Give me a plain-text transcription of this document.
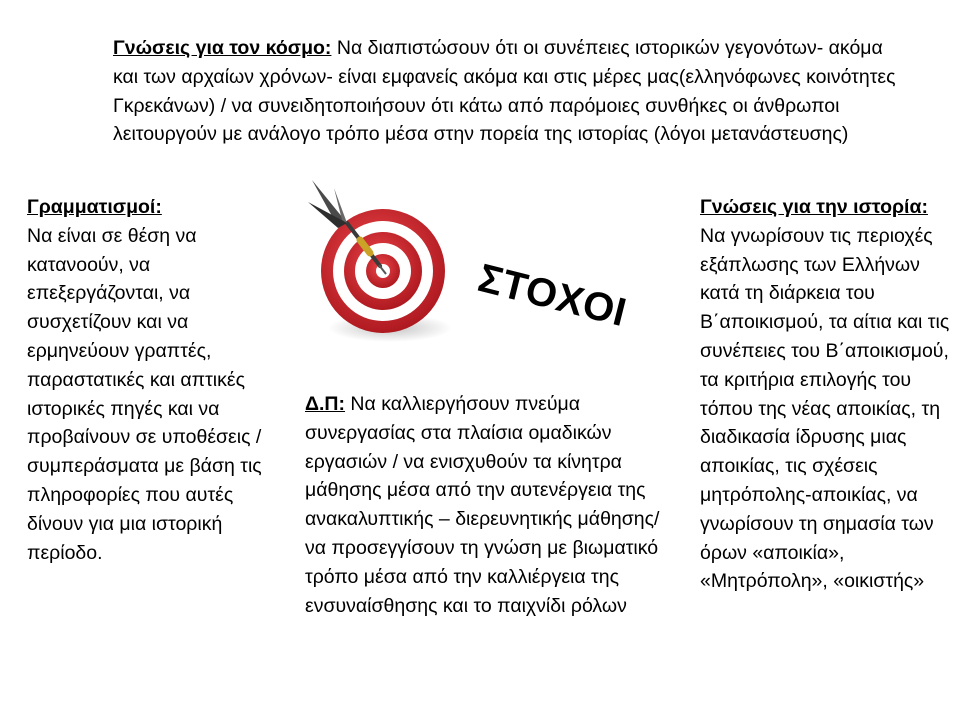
Γνώσεις για τον κόσμο: Να διαπιστώσουν ότι οι συνέπειες ιστορικών γεγονότων- ακόμα και των αρχαίων χρόνων- είναι εμφανείς ακόμα και στις μέρες μας(ελληνόφωνες κοινότητες Γκρεκάνων) / να συνειδητοποιήσουν ότι κάτω από παρόμοιες συνθήκες οι άνθρωποι λειτουργούν με ανάλογο τρόπο μέσα στην πορεία της ιστορίας (λόγοι μετανάστευσης)

Γραμματισμοί:
Να είναι σε θέση να κατανοούν, να επεξεργάζονται, να συσχετίζουν και να ερμηνεύουν γραπτές, παραστατικές και απτικές ιστορικές πηγές και να προβαίνουν σε υποθέσεις /συμπεράσματα με βάση τις πληροφορίες που αυτές δίνουν για μια ιστορική περίοδο.
ΣΤΟΧΟΙ

Δ.Π: Να καλλιεργήσουν πνεύμα συνεργασίας στα πλαίσια ομαδικών εργασιών / να ενισχυθούν τα κίνητρα μάθησης μέσα από την αυτενέργεια της ανακαλυπτικής – διερευνητικής μάθησης/ να προσεγγίσουν τη γνώση με βιωματικό τρόπο μέσα από την καλλιέργεια της ενσυναίσθησης και το παιχνίδι ρόλων

Γνώσεις για την ιστορία:
Να γνωρίσουν τις περιοχές εξάπλωσης των Ελλήνων κατά τη διάρκεια του Β΄αποικισμού, τα αίτια και τις συνέπειες του Β΄αποικισμού, τα κριτήρια επιλογής του τόπου της νέας αποικίας, τη διαδικασία ίδρυσης μιας αποικίας, τις σχέσεις μητρόπολης-αποικίας, να γνωρίσουν τη σημασία των όρων «αποικία», «Μητρόπολη», «οικιστής»
